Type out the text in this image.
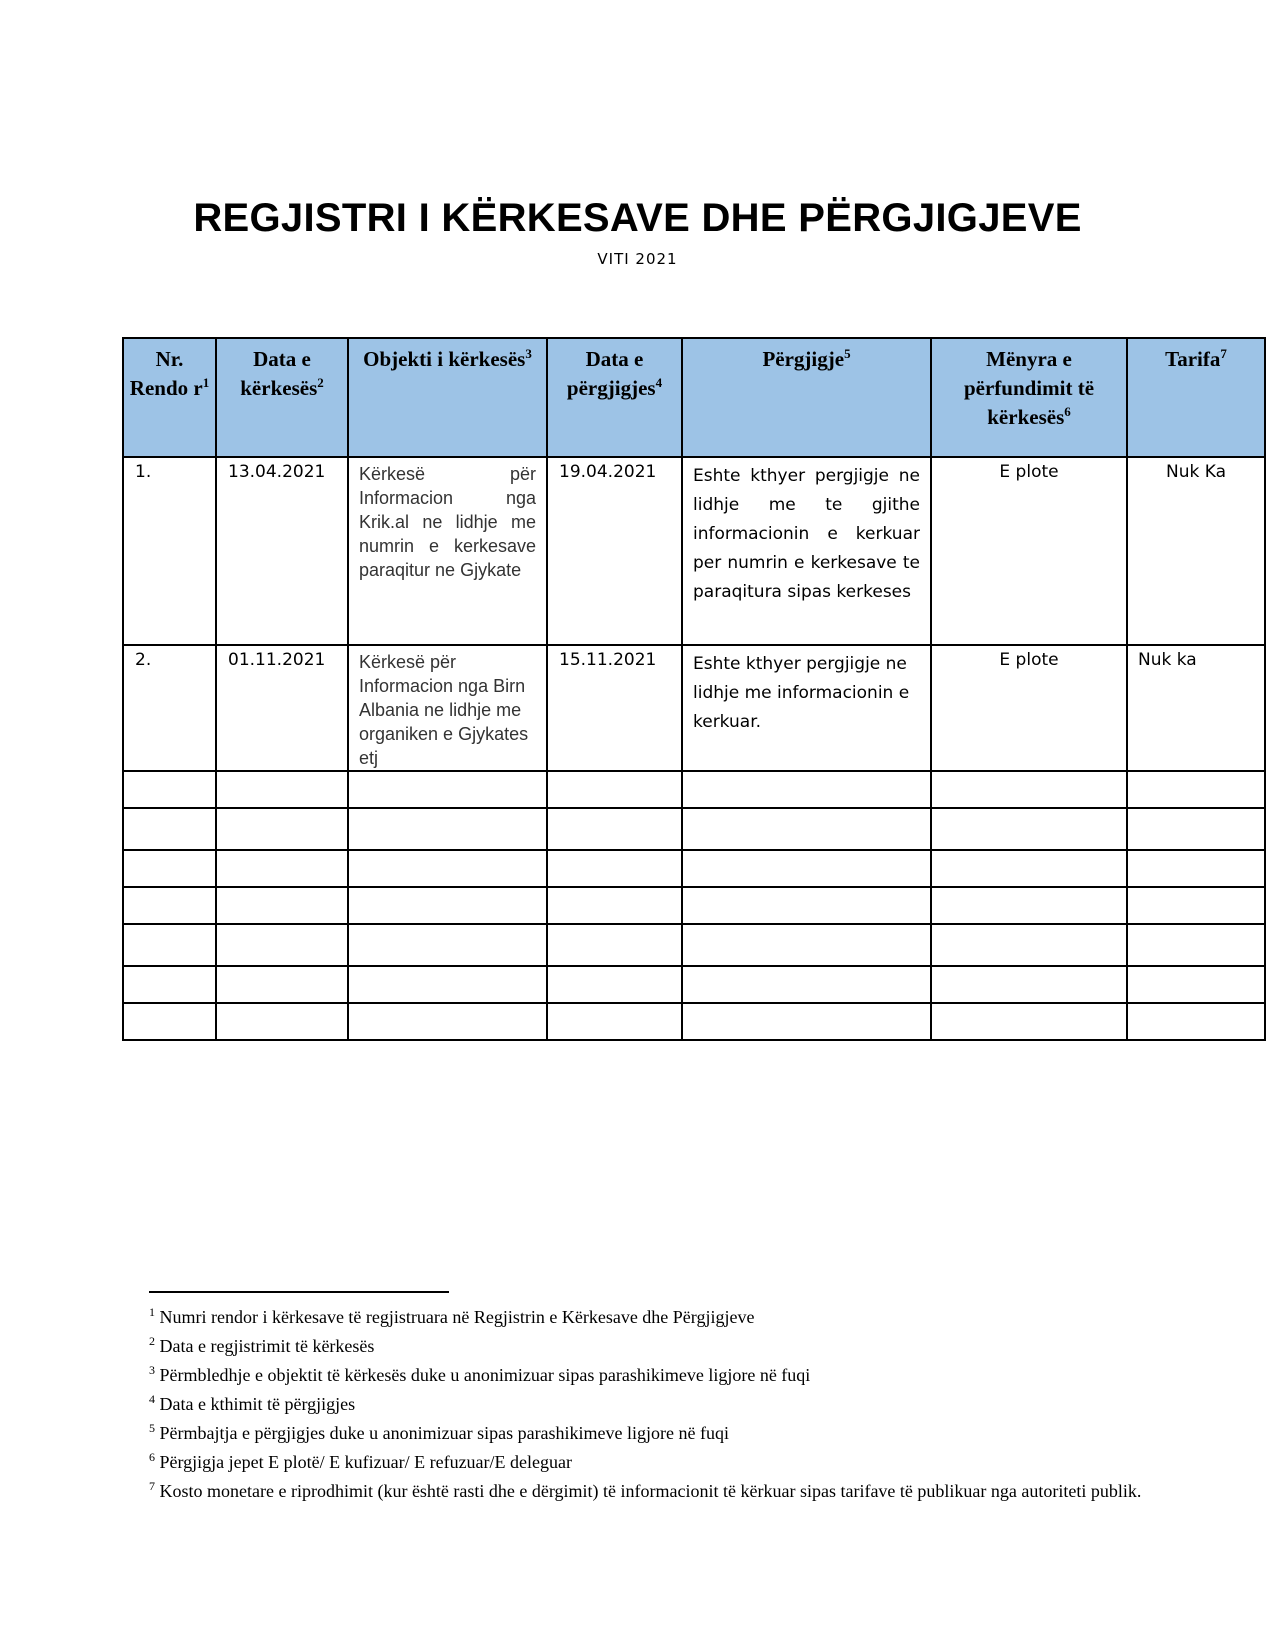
REGJISTRI I KËRKESAVE DHE PËRGJIGJEVE
VITI 2021
Nr. Rendo $r^1$	Data e kërkesës$^2$	Objekti i kërkesës$^3$	Data e përgjigjes$^4$	Përgjigje$^5$	Mënyra e përfundimit të kërkesës$^6$	Tarifa$^7$
1.	13.04.2021	Kërkesë për Informacion nga Krik.al ne lidhje me numrin e kerkesave paraqitur ne Gjykate	19.04.2021	Eshte kthyer pergjigje ne lidhje me te gjithe informacionin e kerkuar per numrin e kerkesave te paraqitura sipas kerkeses	E plote	Nuk Ka
2.	01.11.2021	Kërkesë për Informacion nga Birn Albania ne lidhje me organiken e Gjykates etj	15.11.2021	Eshte kthyer pergjigje ne lidhje me informacionin e kerkuar.	E plote	Nuk ka

$^1$ Numri rendor i kërkesave të regjistruara në Regjistrin e Kërkesave dhe Përgjigjeve

$^2$ Data e regjistrimit të kërkesës

$^3$ Përmbledhje e objektit të kërkesës duke u anonimizuar sipas parashikimeve ligjore në fuqi

$^4$ Data e kthimit të përgjigjes

$^5$ Përmbajtja e përgjigjes duke u anonimizuar sipas parashikimeve ligjore në fuqi

$^6$ Përgjigja jepet E plotë/ E kufizuar/ E refuzuar/E deleguar

$^7$ Kosto monetare e riprodhimit (kur është rasti dhe e dërgimit) të informacionit të kërkuar sipas tarifave të publikuar nga autoriteti publik.
